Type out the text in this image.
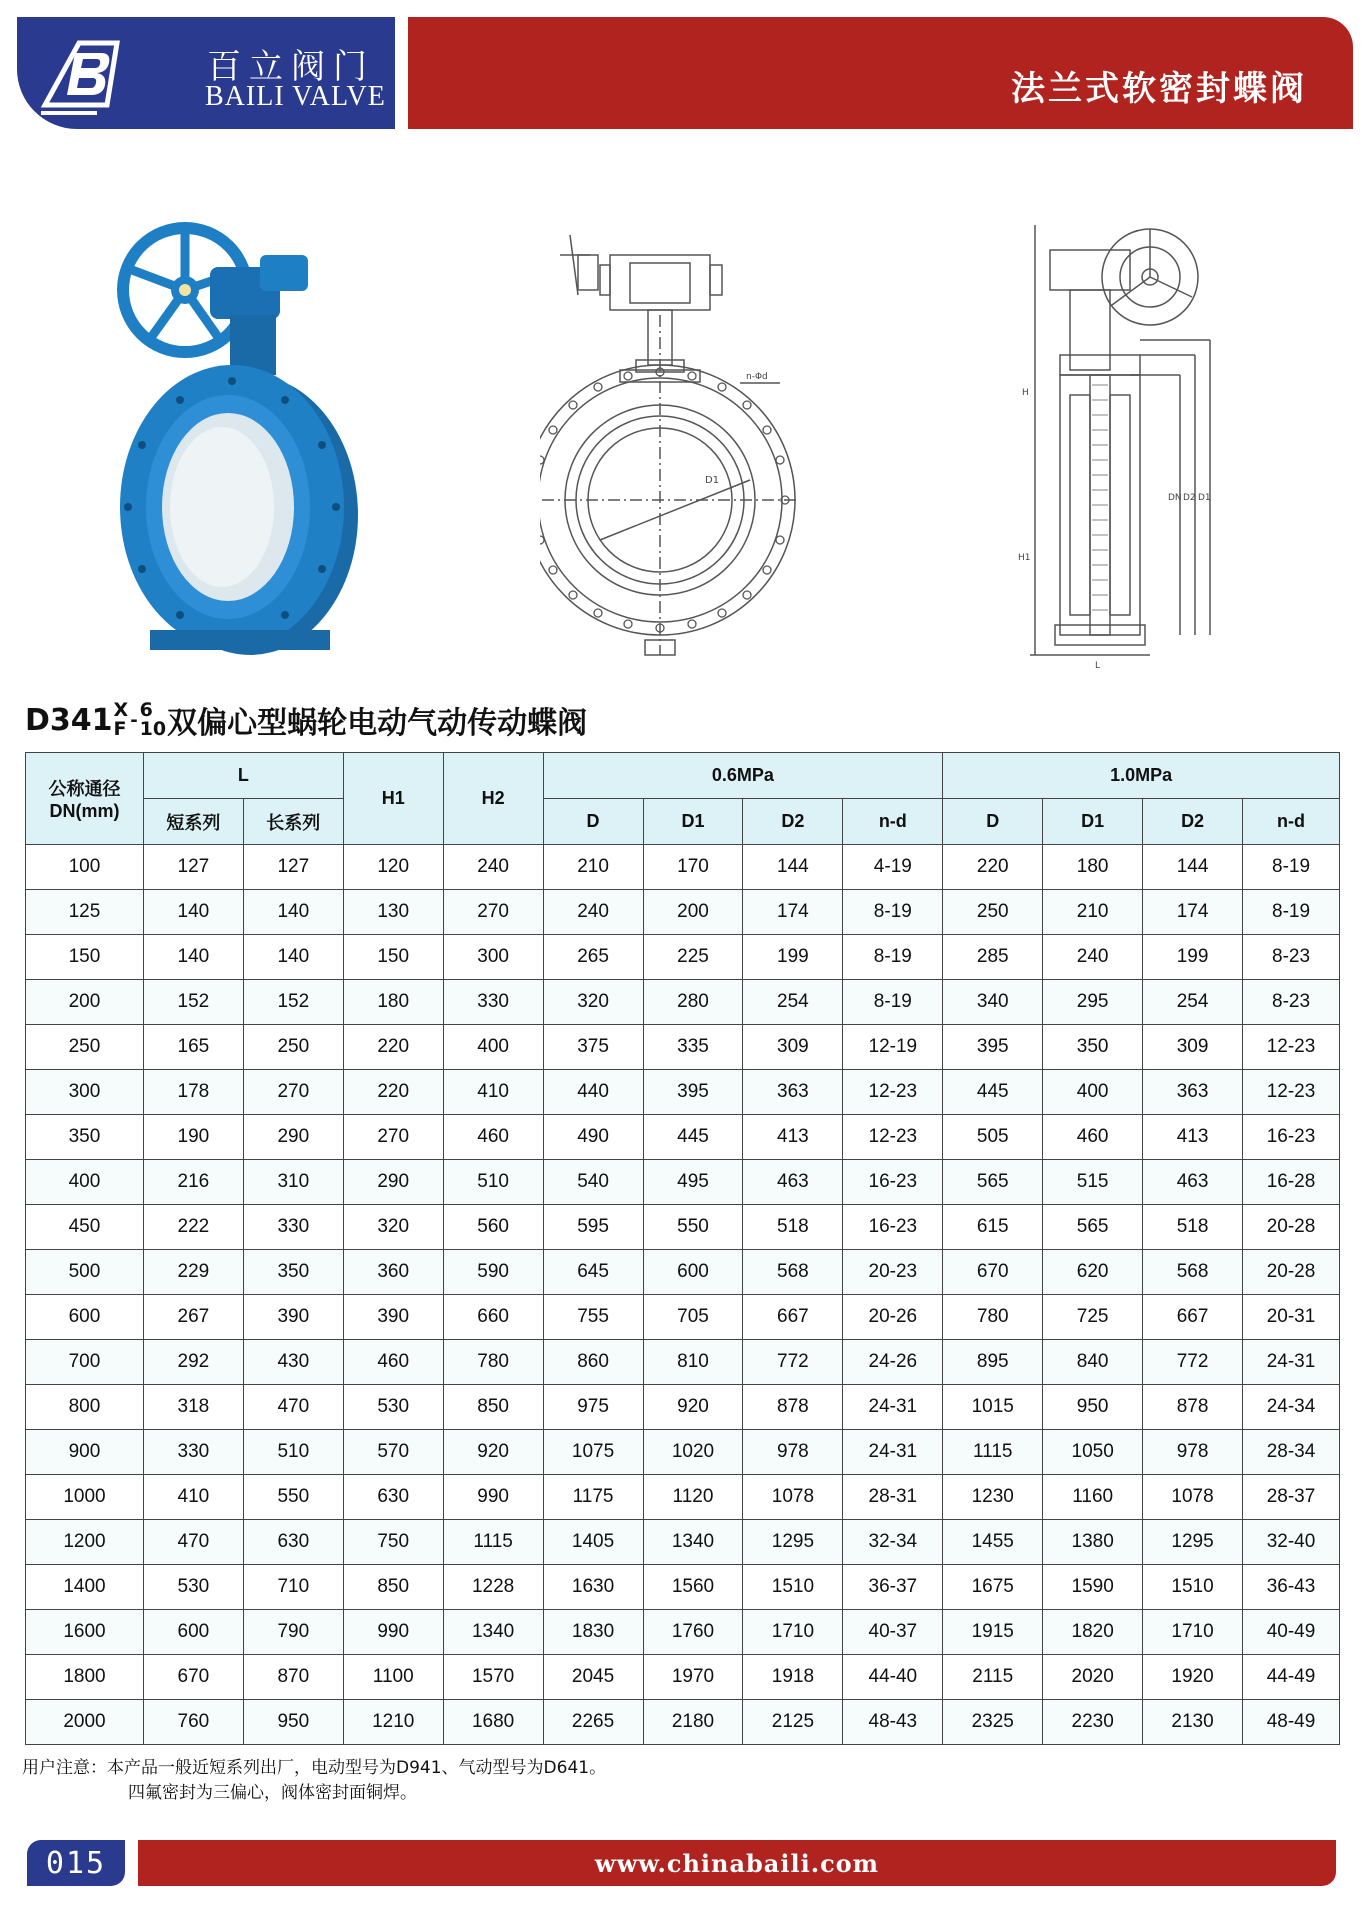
百立阀门
BAILI VALVE	法兰式软密封蝶阀
n-Φd
D1
H
H1
DN D2 D1
L
D341 X
F - 6
10 双偏心型蜗轮电动气动传动蝶阀
公称通径
DN(mm)	L		H1	H2	0.6MPa				1.0MPa			
	短系列	长系列			D	D1	D2	n-d	D	D1	D2	n-d
100	127	127	120	240	210	170	144	4-19	220	180	144	8-19
125	140	140	130	270	240	200	174	8-19	250	210	174	8-19
150	140	140	150	300	265	225	199	8-19	285	240	199	8-23
200	152	152	180	330	320	280	254	8-19	340	295	254	8-23
250	165	250	220	400	375	335	309	12-19	395	350	309	12-23
300	178	270	220	410	440	395	363	12-23	445	400	363	12-23
350	190	290	270	460	490	445	413	12-23	505	460	413	16-23
400	216	310	290	510	540	495	463	16-23	565	515	463	16-28
450	222	330	320	560	595	550	518	16-23	615	565	518	20-28
500	229	350	360	590	645	600	568	20-23	670	620	568	20-28
600	267	390	390	660	755	705	667	20-26	780	725	667	20-31
700	292	430	460	780	860	810	772	24-26	895	840	772	24-31
800	318	470	530	850	975	920	878	24-31	1015	950	878	24-34
900	330	510	570	920	1075	1020	978	24-31	1115	1050	978	28-34
1000	410	550	630	990	1175	1120	1078	28-31	1230	1160	1078	28-37
1200	470	630	750	1115	1405	1340	1295	32-34	1455	1380	1295	32-40
1400	530	710	850	1228	1630	1560	1510	36-37	1675	1590	1510	36-43
1600	600	790	990	1340	1830	1760	1710	40-37	1915	1820	1710	40-49
1800	670	870	1100	1570	2045	1970	1918	44-40	2115	2020	1920	44-49
2000	760	950	1210	1680	2265	2180	2125	48-43	2325	2230	2130	48-49
用户注意：本产品一般近短系列出厂，电动型号为D941、气动型号为D641。
四氟密封为三偏心，阀体密封面铜焊。
015	www.chinabaili.com
